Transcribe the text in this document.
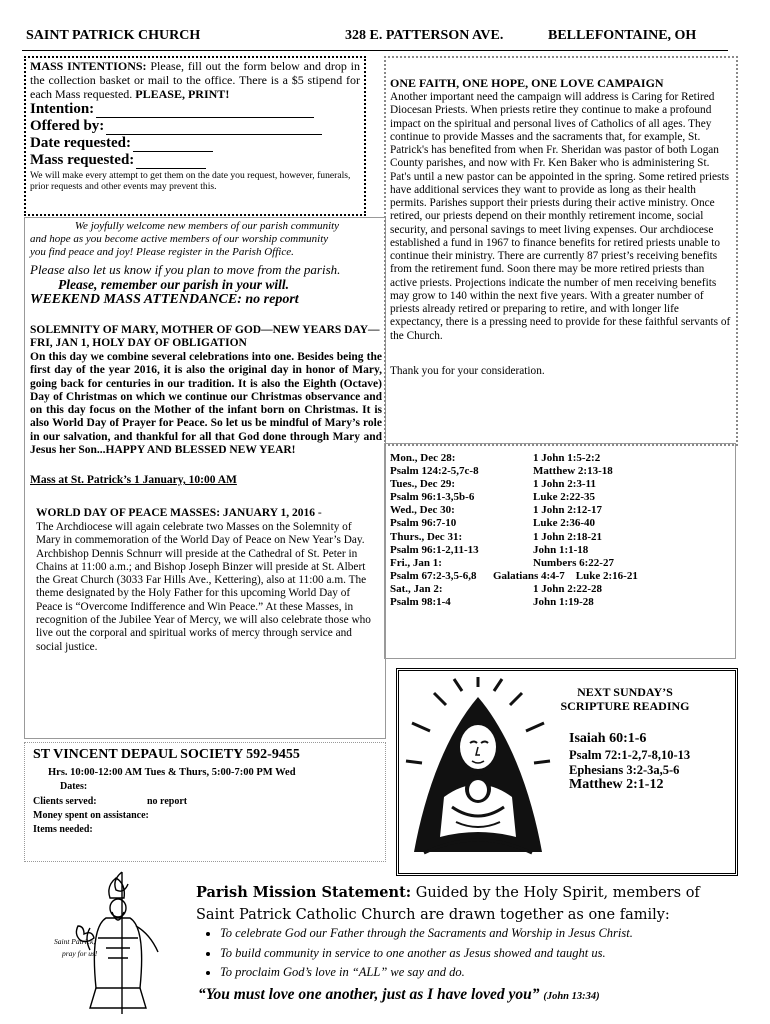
SAINT PATRICK CHURCH	328 E. PATTERSON AVE.	BELLEFONTAINE, OH

MASS INTENTIONS: Please, fill out the form below and drop in the collection basket or mail to the office. There is a $5 stipend for each Mass requested. PLEASE, PRINT!

Intention:
Offered by:
Date requested:
Mass requested:

We will make every attempt to get them on the date you request, however, funerals, prior requests and other events may prevent this.

We joyfully welcome new members of our parish community
and hope as you become active members of our worship community
you find peace and joy! Please register in the Parish Office.
Please also let us know if you plan to move from the parish.
Please, remember our parish in your will.
WEEKEND MASS ATTENDANCE: no report
SOLEMNITY OF MARY, MOTHER OF GOD—NEW YEARS DAY—FRI, JAN 1, HOLY DAY OF OBLIGATION
On this day we combine several celebrations into one. Besides being the first day of the year 2016, it is also the original day in honor of Mary, going back for centuries in our tradition. It is also the Eighth (Octave) Day of Christmas on which we continue our Christmas observance and on this day focus on the Mother of the infant born on Christmas. It is also World Day of Prayer for Peace. So let us be mindful of Mary’s role in our salvation, and thankful for all that God done through Mary and Jesus her Son...HAPPY AND BLESSED NEW YEAR!
Mass at St. Patrick’s 1 January, 10:00 AM
WORLD DAY OF PEACE MASSES: JANUARY 1, 2016 -
The Archdiocese will again celebrate two Masses on the Solemnity of Mary in commemoration of the World Day of Peace on New Year’s Day. Archbishop Dennis Schnurr will preside at the Cathedral of St. Peter in Chains at 11:00 a.m.; and Bishop Joseph Binzer will preside at St. Albert the Great Church (3033 Far Hills Ave., Kettering), also at 11:00 a.m. The theme designated by the Holy Father for this upcoming World Day of Peace is “Overcome Indifference and Win Peace.” At these Masses, in recognition of the Jubilee Year of Mercy, we will also celebrate those who live out the corporal and spiritual works of mercy through service and social justice.
ONE FAITH, ONE HOPE, ONE LOVE CAMPAIGN
Another important need the campaign will address is Caring for Retired Diocesan Priests. When priests retire they continue to make a profound impact on the spiritual and personal lives of Catholics of all ages. They continue to provide Masses and the sacraments that, for example, St. Patrick's has benefited from when Fr. Sheridan was pastor of both Logan County parishes, and now with Fr. Ken Baker who is administering St. Pat's until a new pastor can be appointed in the spring. Some retired priests have additional services they want to provide as long as their health permits. Parishes support their priests during their active ministry. Once retired, our priests depend on their monthly retirement income, social security, and personal savings to meet living expenses. Our archdiocese established a fund in 1967 to finance benefits for retired priests unable to continue their ministry. There are currently 87 priest’s receiving benefits from the retirement fund. Soon there may be more retired priests than active priests. Projections indicate the number of men receiving benefits may grow to 140 within the next five years. With a greater number of priests already retired or preparing to retire, and with longer life expectancy, there is a pressing need to provide for these faithful servants of the Church.
Thank you for your consideration.
Mon., Dec 28:	1 John 1:5-2:2
Psalm 124:2-5,7c-8	Matthew 2:13-18
Tues., Dec 29:	1 John 2:3-11
Psalm 96:1-3,5b-6	Luke 2:22-35
Wed., Dec 30:	1 John 2:12-17
Psalm 96:7-10	Luke 2:36-40
Thurs., Dec 31:	1 John 2:18-21
Psalm 96:1-2,11-13	John 1:1-18
Fri., Jan 1:	Numbers 6:22-27
Psalm 67:2-3,5-6,8	Galatians 4:4-7    Luke 2:16-21
Sat., Jan 2:	1 John 2:22-28
Psalm 98:1-4	John 1:19-28
NEXT SUNDAY’S
SCRIPTURE READING
Isaiah 60:1-6
Psalm 72:1-2,7-8,10-13
Ephesians 3:2-3a,5-6
Matthew 2:1-12
ST VINCENT DEPAUL SOCIETY 592-9455
Hrs. 10:00-12:00 AM Tues & Thurs, 5:00-7:00 PM Wed
Dates:
Clients served:	no report
Money spent on assistance:
Items needed:
Saint Patrick,
pray for us!
Parish Mission Statement: Guided by the Holy Spirit, members of Saint Patrick Catholic Church are drawn together as one family:
• To celebrate God our Father through the Sacraments and Worship in Jesus Christ.
• To build community in service to one another as Jesus showed and taught us.
• To proclaim God’s love in “ALL” we say and do.
“You must love one another, just as I have loved you” (John 13:34)
